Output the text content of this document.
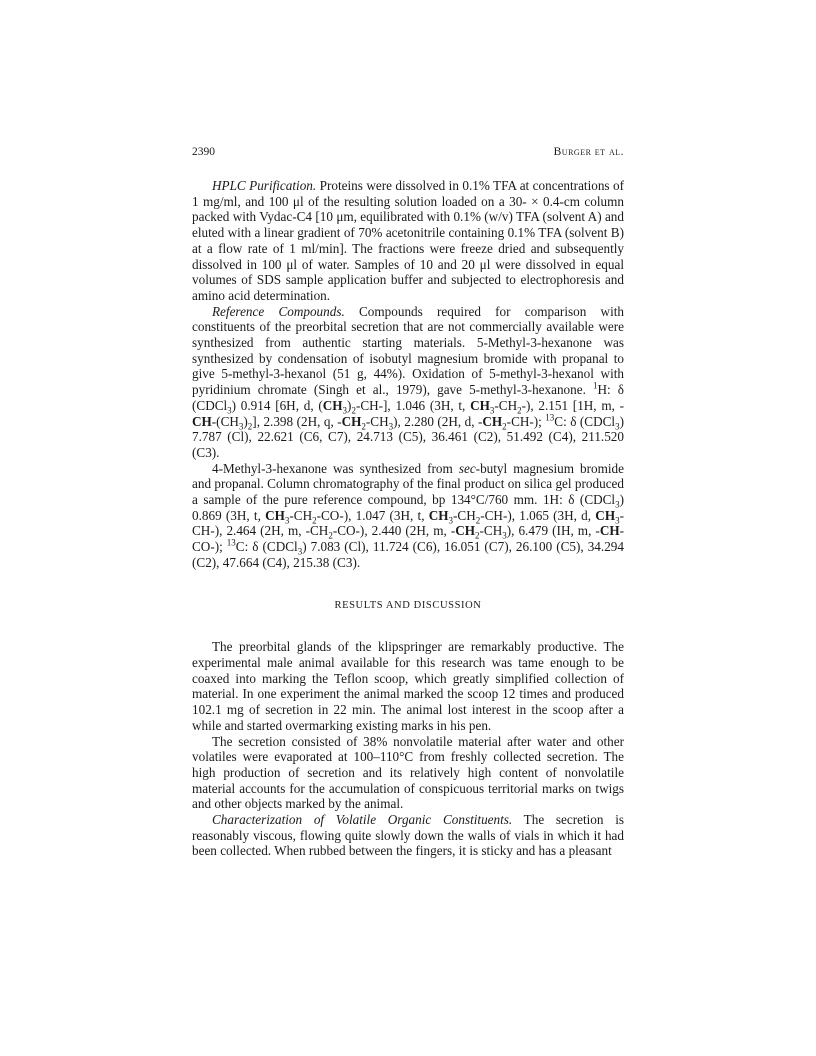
2390	Burger et al.

HPLC Purification. Proteins were dissolved in 0.1% TFA at concentrations of 1 mg/ml, and 100 μl of the resulting solution loaded on a 30- × 0.4-cm column packed with Vydac-C4 [10 μm, equilibrated with 0.1% (w/v) TFA (solvent A) and eluted with a linear gradient of 70% acetonitrile containing 0.1% TFA (solvent B) at a flow rate of 1 ml/min]. The fractions were freeze dried and subsequently dissolved in 100 μl of water. Samples of 10 and 20 μl were dissolved in equal volumes of SDS sample application buffer and subjected to electrophoresis and amino acid determination.

Reference Compounds. Compounds required for comparison with constituents of the preorbital secretion that are not commercially available were synthesized from authentic starting materials. 5-Methyl-3-hexanone was synthesized by condensation of isobutyl magnesium bromide with propanal to give 5-methyl-3-hexanol (51 g, 44%). Oxidation of 5-methyl-3-hexanol with pyridinium chromate (Singh et al., 1979), gave 5-methyl-3-hexanone. $^1$H: δ (CDCl$_3$) 0.914 [6H, d, $(CH_3)_2-CH-$], 1.046 (3H, t, $CH_3-CH_2-$), 2.151 [1H, m, $-CH-(CH_3)_2$], 2.398 (2H, q, $-CH_2-CH_3$), 2.280 (2H, d, $-CH_2-CH-$); $^{13}$C: δ (CDCl$_3$) 7.787 (Cl), 22.621 (C6, C7), 24.713 (C5), 36.461 (C2), 51.492 (C4), 211.520 (C3).

4-Methyl-3-hexanone was synthesized from sec-butyl magnesium bromide and propanal. Column chromatography of the final product on silica gel produced a sample of the pure reference compound, bp 134°C/760 mm. 1H: δ (CDCl$_3$) 0.869 (3H, t, $CH_3-CH_2-CO-$), 1.047 (3H, t, $CH_3-CH_2-CH-$), 1.065 (3H, d, $CH_3-CH-$), 2.464 (2H, m, $-CH_2-CO-$), 2.440 (2H, m, $-CH_2-CH_3$), 6.479 (IH, m, -CH-CO-); $^{13}$C: δ (CDCl$_3$) 7.083 (Cl), 11.724 (C6), 16.051 (C7), 26.100 (C5), 34.294 (C2), 47.664 (C4), 215.38 (C3).

RESULTS AND DISCUSSION

The preorbital glands of the klipspringer are remarkably productive. The experimental male animal available for this research was tame enough to be coaxed into marking the Teflon scoop, which greatly simplified collection of material. In one experiment the animal marked the scoop 12 times and produced 102.1 mg of secretion in 22 min. The animal lost interest in the scoop after a while and started overmarking existing marks in his pen.

The secretion consisted of 38% nonvolatile material after water and other volatiles were evaporated at 100–110°C from freshly collected secretion. The high production of secretion and its relatively high content of nonvolatile material accounts for the accumulation of conspicuous territorial marks on twigs and other objects marked by the animal.

Characterization of Volatile Organic Constituents. The secretion is reasonably viscous, flowing quite slowly down the walls of vials in which it had been collected. When rubbed between the fingers, it is sticky and has a pleasant
